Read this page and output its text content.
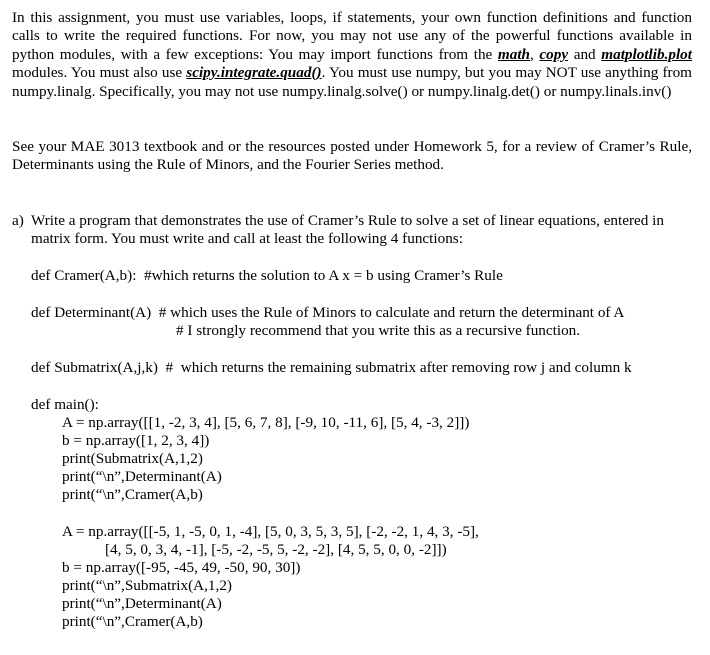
In this assignment, you must use variables, loops, if statements, your own function definitions and function calls to write the required functions. For now, you may not use any of the powerful functions available in python modules, with a few exceptions: You may import functions from the math, copy and matplotlib.plot modules. You must also use scipy.integrate.quad(). You must use numpy, but you may NOT use anything from numpy.linalg. Specifically, you may not use numpy.linalg.solve() or numpy.linalg.det() or numpy.linals.inv()
See your MAE 3013 textbook and or the resources posted under Homework 5, for a review of Cramer’s Rule, Determinants using the Rule of Minors, and the Fourier Series method.
a) Write a program that demonstrates the use of Cramer’s Rule to solve a set of linear equations, entered in matrix form. You must write and call at least the following 4 functions:
def Cramer(A,b):  #which returns the solution to A x = b using Cramer’s Rule
def Determinant(A)  # which uses the Rule of Minors to calculate and return the determinant of A
# I strongly recommend that you write this as a recursive function.
def Submatrix(A,j,k)  #  which returns the remaining submatrix after removing row j and column k
def main():
A = np.array([[1, -2, 3, 4], [5, 6, 7, 8], [-9, 10, -11, 6], [5, 4, -3, 2]])
b = np.array([1, 2, 3, 4])
print(Submatrix(A,1,2)
print(“\n”,Determinant(A)
print(“\n”,Cramer(A,b)
A = np.array([[-5, 1, -5, 0, 1, -4], [5, 0, 3, 5, 3, 5], [-2, -2, 1, 4, 3, -5],
[4, 5, 0, 3, 4, -1], [-5, -2, -5, 5, -2, -2], [4, 5, 5, 0, 0, -2]])
b = np.array([-95, -45, 49, -50, 90, 30])
print(“\n”,Submatrix(A,1,2)
print(“\n”,Determinant(A)
print(“\n”,Cramer(A,b)
